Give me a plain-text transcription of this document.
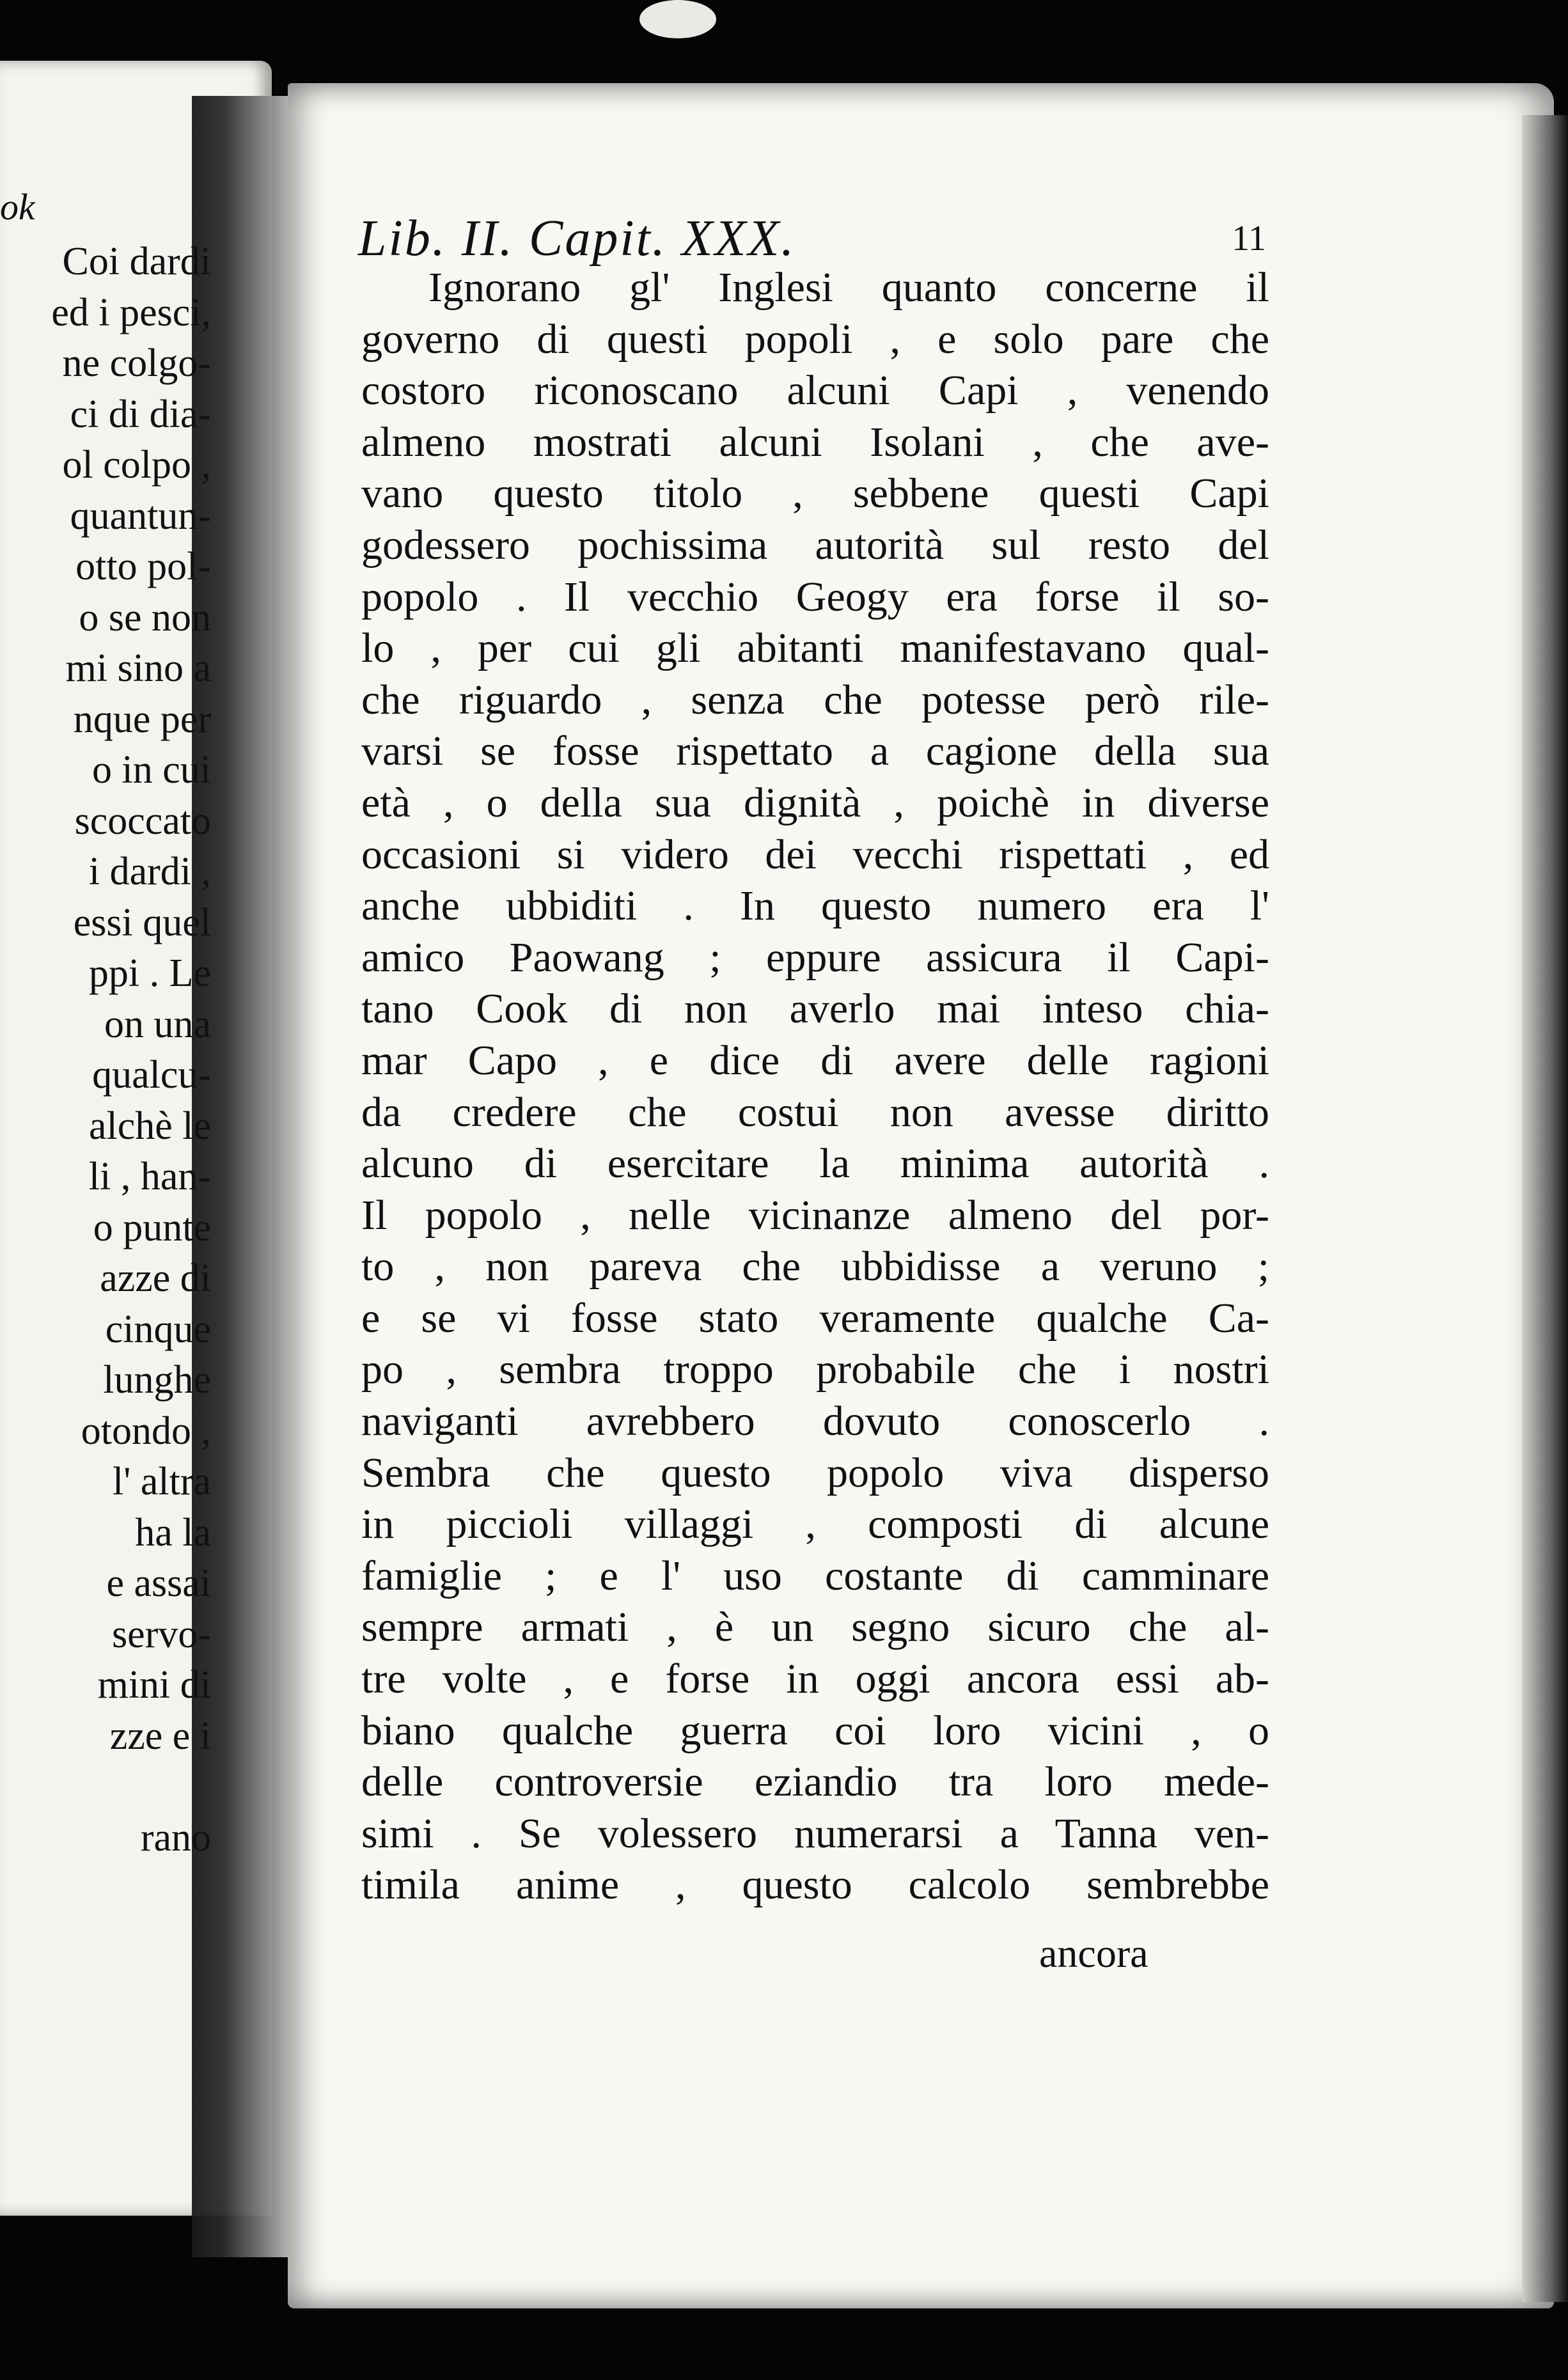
ok
Coi dardi
ed i pesci,
ne colgo-
ci di dia-
ol colpo ,
quantun-
otto pol-
o se non
mi sino a
nque per
o in cui
scoccato
i dardi ,
essi quel
ppi . Le
on una
qualcu-
alchè le
li , han-
o punte
azze di
cinque
lunghe
otondo ,
l' altra
ha la
e assai
servo-
mini di
zze e i
rano
Lib. II. Capit. XXX.	11
Ignorano gl' Inglesi quanto concerne il
governo di questi popoli , e solo pare che
costoro riconoscano alcuni Capi , venendo
almeno mostrati alcuni Isolani , che ave-
vano questo titolo , sebbene questi Capi
godessero pochissima autorità sul resto del
popolo . Il vecchio Geogy era forse il so-
lo , per cui gli abitanti manifestavano qual-
che riguardo , senza che potesse però rile-
varsi se fosse rispettato a cagione della sua
età , o della sua dignità , poichè in diverse
occasioni si videro dei vecchi rispettati , ed
anche ubbiditi . In questo numero era l'
amico Paowang ; eppure assicura il Capi-
tano Cook di non averlo mai inteso chia-
mar Capo , e dice di avere delle ragioni
da credere che costui non avesse diritto
alcuno di esercitare la minima autorità .
Il popolo , nelle vicinanze almeno del por-
to , non pareva che ubbidisse a veruno ;
e se vi fosse stato veramente qualche Ca-
po , sembra troppo probabile che i nostri
naviganti avrebbero dovuto conoscerlo .
Sembra che questo popolo viva disperso
in piccioli villaggi , composti di alcune
famiglie ; e l' uso costante di camminare
sempre armati , è un segno sicuro che al-
tre volte , e forse in oggi ancora essi ab-
biano qualche guerra coi loro vicini , o
delle controversie eziandio tra loro mede-
simi . Se volessero numerarsi a Tanna ven-
timila anime , questo calcolo sembrebbe
ancora
